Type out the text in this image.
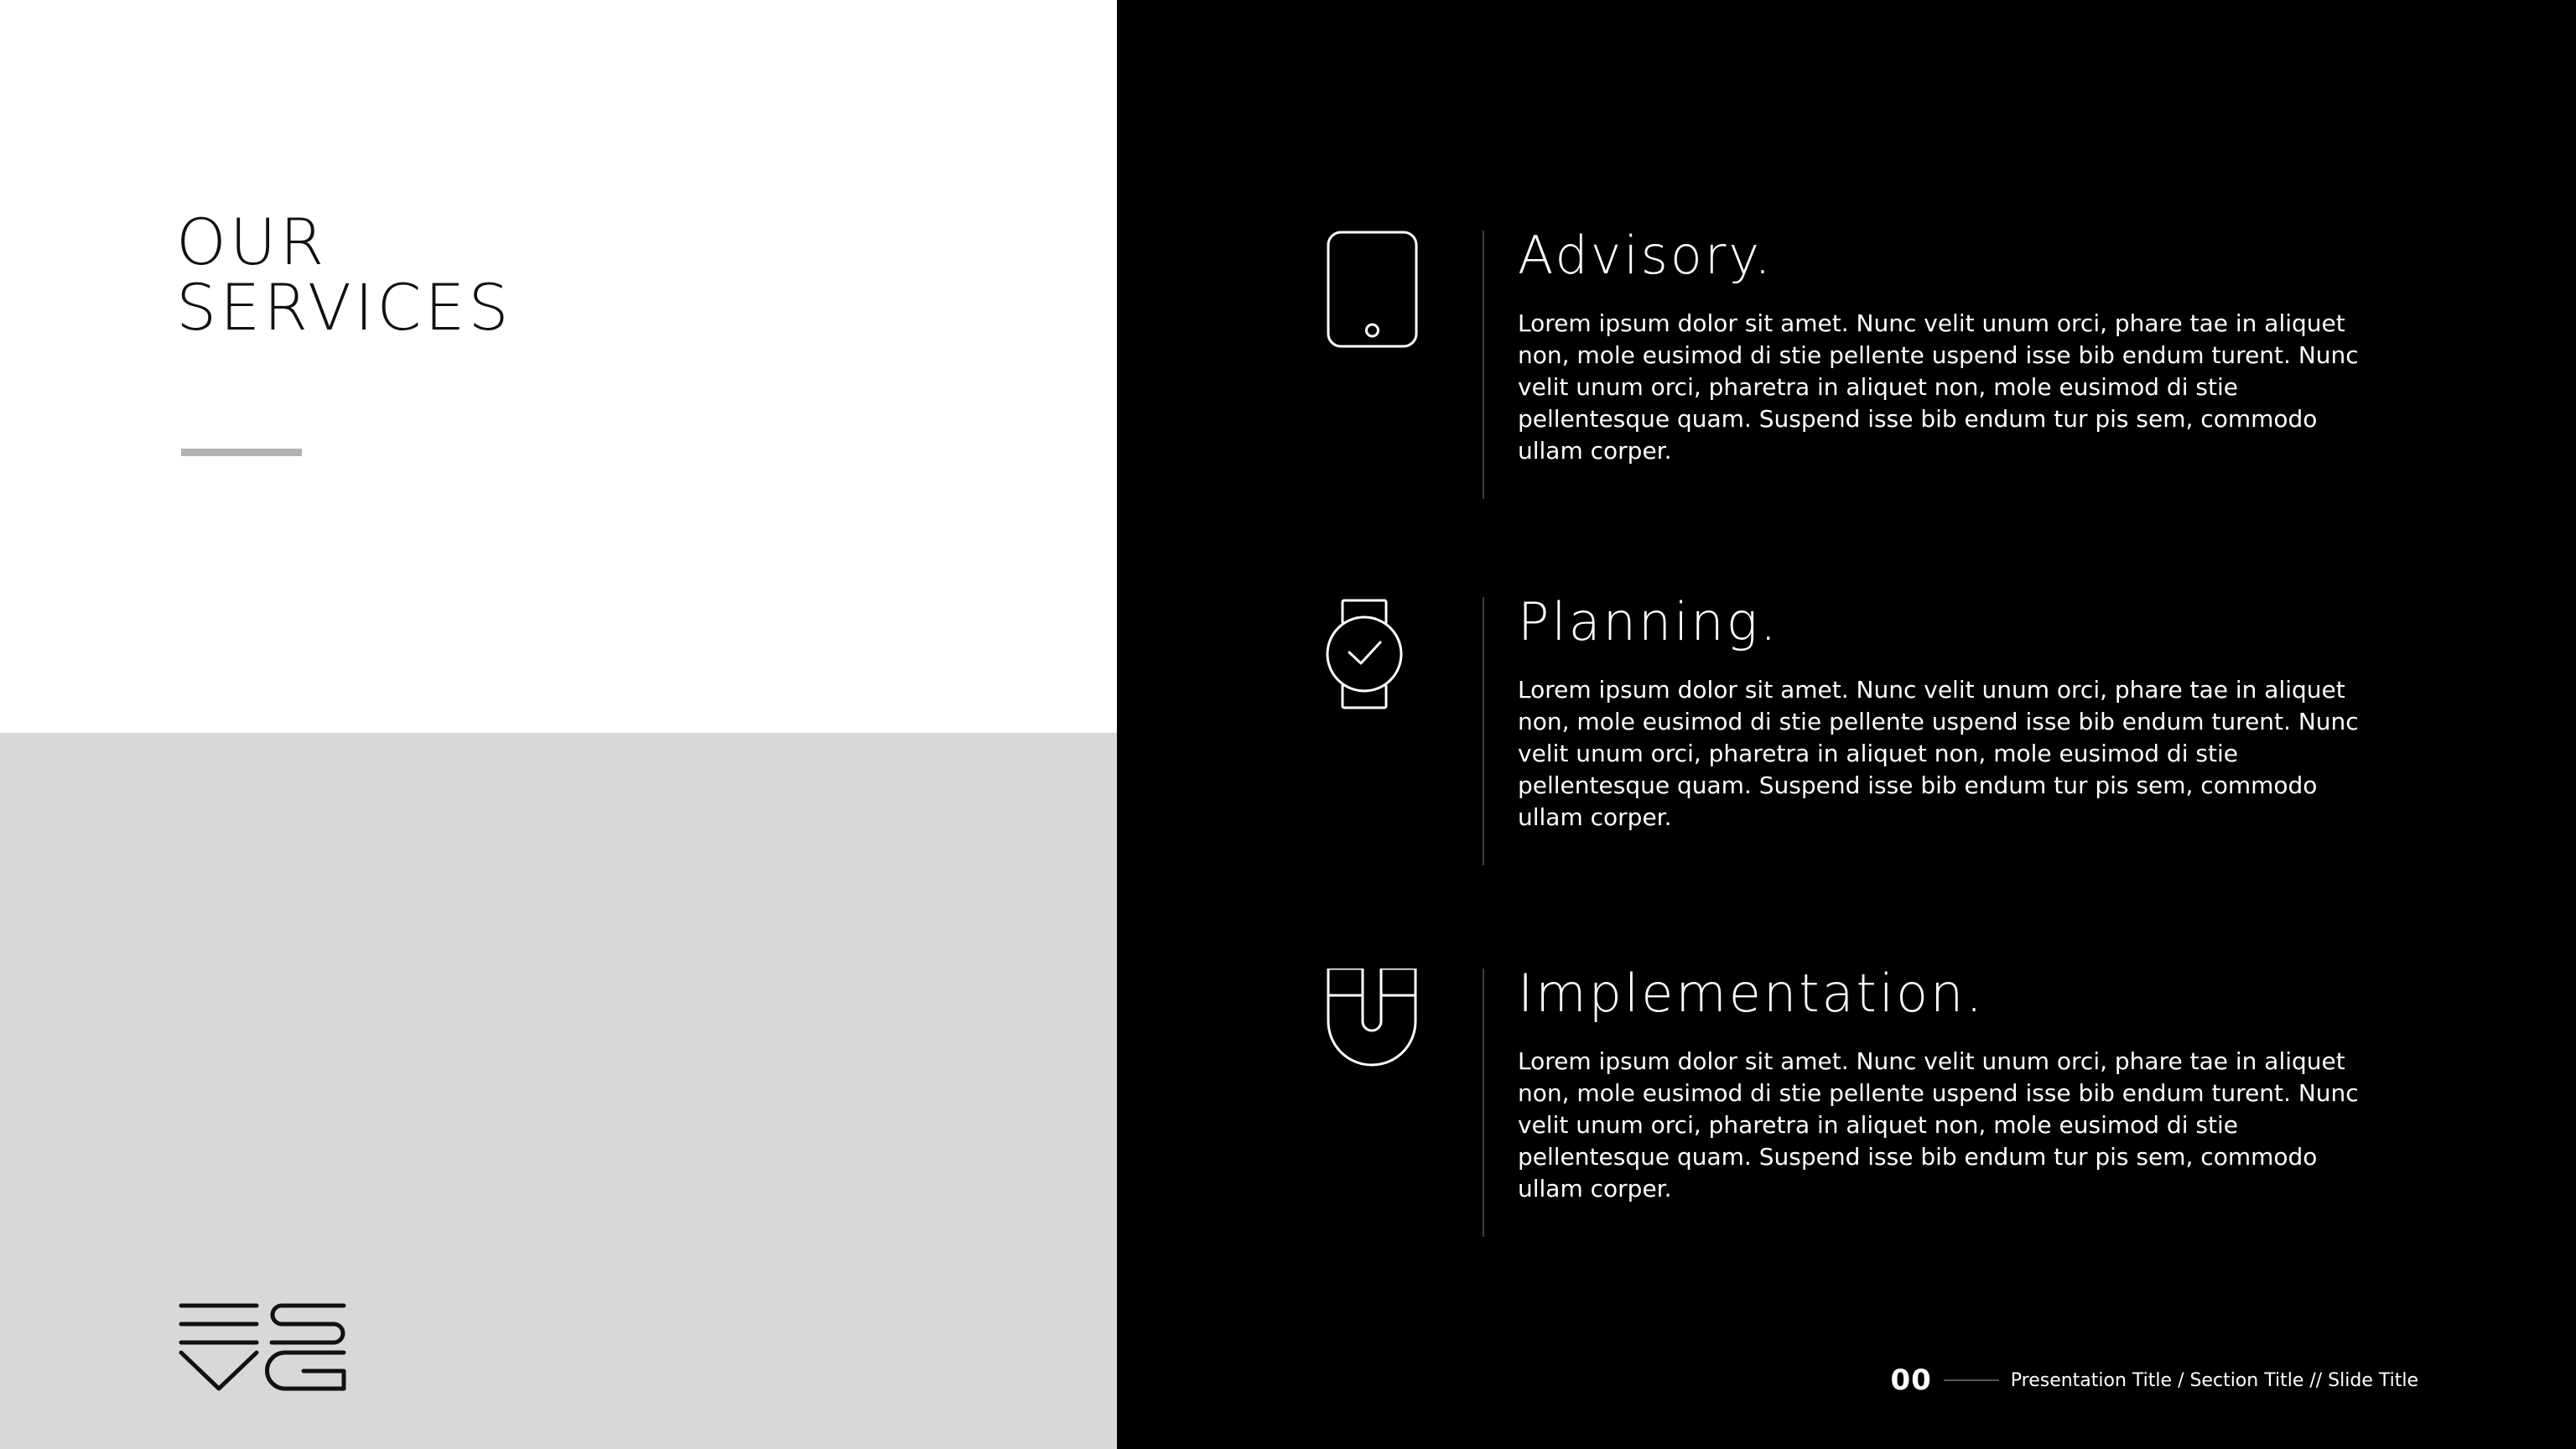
OUR
SERVICES
Advisory.

Lorem ipsum dolor sit amet. Nunc velit unum orci, phare tae in aliquet non, mole eusimod di stie pellente uspend isse bib endum turent. Nunc velit unum orci, pharetra in aliquet non, mole eusimod di stie pellentesque quam. Suspend isse bib endum tur pis sem, commodo ullam corper.

Planning.

Lorem ipsum dolor sit amet. Nunc velit unum orci, phare tae in aliquet non, mole eusimod di stie pellente uspend isse bib endum turent. Nunc velit unum orci, pharetra in aliquet non, mole eusimod di stie pellentesque quam. Suspend isse bib endum tur pis sem, commodo ullam corper.

Implementation.

Lorem ipsum dolor sit amet. Nunc velit unum orci, phare tae in aliquet non, mole eusimod di stie pellente uspend isse bib endum turent. Nunc velit unum orci, pharetra in aliquet non, mole eusimod di stie pellentesque quam. Suspend isse bib endum tur pis sem, commodo ullam corper.

00	Presentation Title / Section Title // Slide Title
